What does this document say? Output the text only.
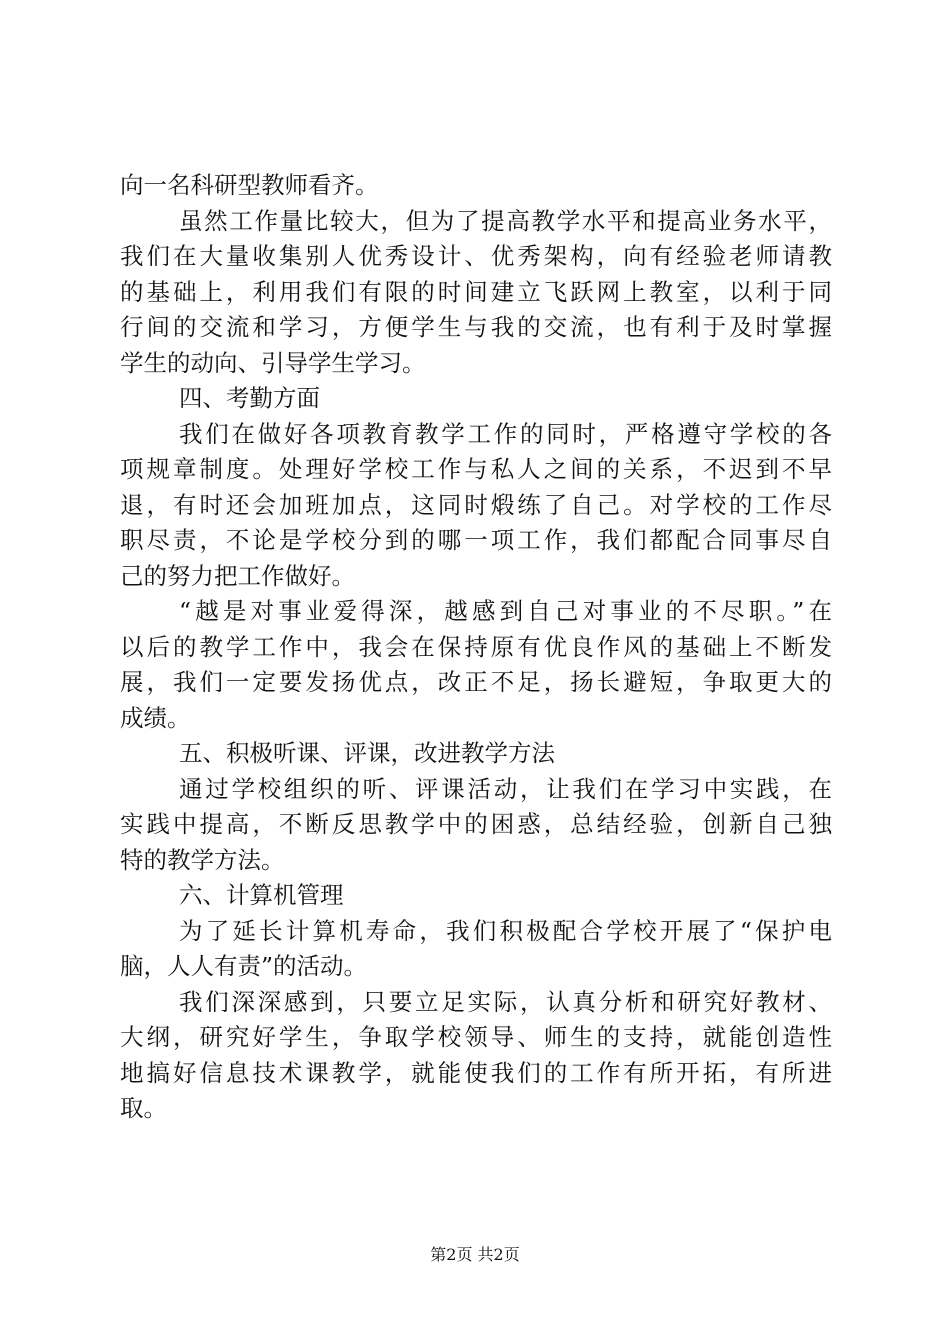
向一名科研型教师看齐。
虽然工作量比较大，但为了提高教学水平和提高业务水平，
我们在大量收集别人优秀设计、优秀架构，向有经验老师请教
的基础上，利用我们有限的时间建立飞跃网上教室，以利于同
行间的交流和学习，方便学生与我的交流，也有利于及时掌握
学生的动向、引导学生学习。
四、考勤方面
我们在做好各项教育教学工作的同时，严格遵守学校的各
项规章制度。处理好学校工作与私人之间的关系，不迟到不早
退，有时还会加班加点，这同时煅练了自己。对学校的工作尽
职尽责，不论是学校分到的哪一项工作，我们都配合同事尽自
己的努力把工作做好。
“越是对事业爱得深，越感到自己对事业的不尽职。”在
以后的教学工作中，我会在保持原有优良作风的基础上不断发
展，我们一定要发扬优点，改正不足，扬长避短，争取更大的
成绩。
五、积极听课、评课，改进教学方法
通过学校组织的听、评课活动，让我们在学习中实践，在
实践中提高，不断反思教学中的困惑，总结经验，创新自己独
特的教学方法。
六、计算机管理
为了延长计算机寿命，我们积极配合学校开展了“保护电
脑，人人有责”的活动。
我们深深感到，只要立足实际，认真分析和研究好教材、
大纲，研究好学生，争取学校领导、师生的支持，就能创造性
地搞好信息技术课教学，就能使我们的工作有所开拓，有所进
取。
第2页 共2页
